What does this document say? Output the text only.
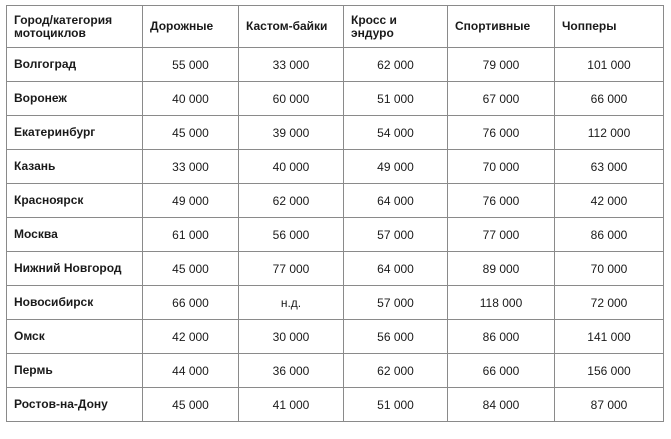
Город/категория мотоциклов	Дорожные	Кастом-байки	Кросс и эндуро	Спортивные	Чопперы
Волгоград	55 000	33 000	62 000	79 000	101 000
Воронеж	40 000	60 000	51 000	67 000	66 000
Екатеринбург	45 000	39 000	54 000	76 000	112 000
Казань	33 000	40 000	49 000	70 000	63 000
Красноярск	49 000	62 000	64 000	76 000	42 000
Москва	61 000	56 000	57 000	77 000	86 000
Нижний Новгород	45 000	77 000	64 000	89 000	70 000
Новосибирск	66 000	н.д.	57 000	118 000	72 000
Омск	42 000	30 000	56 000	86 000	141 000
Пермь	44 000	36 000	62 000	66 000	156 000
Ростов-на-Дону	45 000	41 000	51 000	84 000	87 000
